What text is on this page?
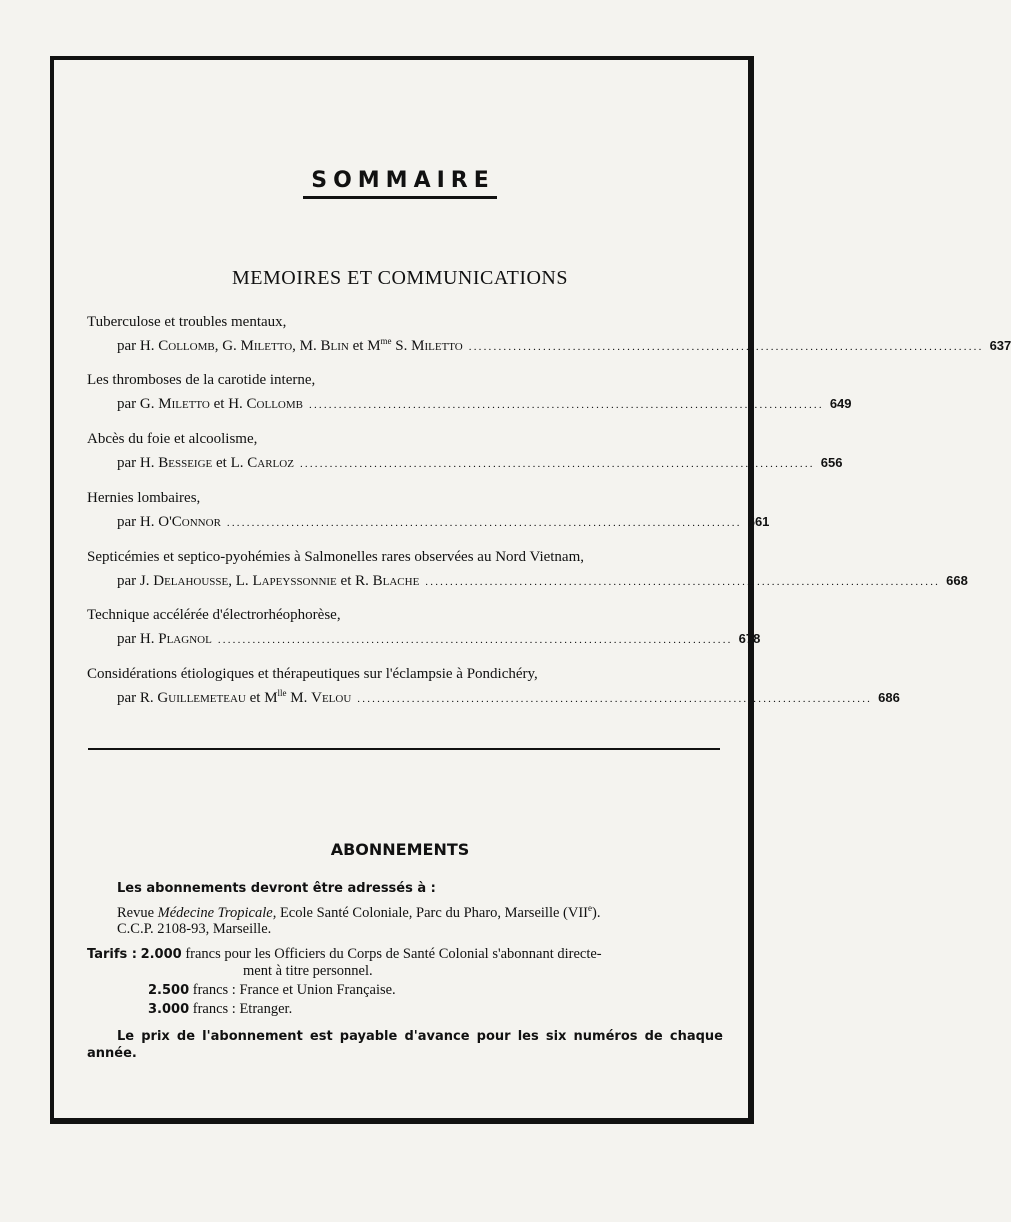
SOMMAIRE
MEMOIRES ET COMMUNICATIONS
Tuberculose et troubles mentaux,
par H. Collomb, G. Miletto, M. Blin et $M^{me}$ S. Miletto ........................................................................................................ 637
Les thromboses de la carotide interne,
par G. Miletto et H. Collomb ........................................................................................................ 649
Abcès du foie et alcoolisme,
par H. Besseige et L. Carloz ........................................................................................................ 656
Hernies lombaires,
par H. O'Connor ........................................................................................................ 661
Septicémies et septico-pyohémies à Salmonelles rares observées au Nord Vietnam,
par J. Delahousse, L. Lapeyssonnie et R. Blache ........................................................................................................ 668
Technique accélérée d'électrorhéophorèse,
par H. Plagnol ........................................................................................................ 678
Considérations étiologiques et thérapeutiques sur l'éclampsie à Pondichéry,
par R. Guillemeteau et $M^{lle}$ M. Velou ........................................................................................................ 686
ABONNEMENTS
Les abonnements devront être adressés à :
Revue Médecine Tropicale, Ecole Santé Coloniale, Parc du Pharo, Marseille (VIIe).
C.C.P. 2108-93, Marseille.
Tarifs : 2.000 francs pour les Officiers du Corps de Santé Colonial s'abonnant directe-
ment à titre personnel.
2.500 francs : France et Union Française.
3.000 francs : Etranger.
Le prix de l'abonnement est payable d'avance pour les six numéros de chaque
année.
